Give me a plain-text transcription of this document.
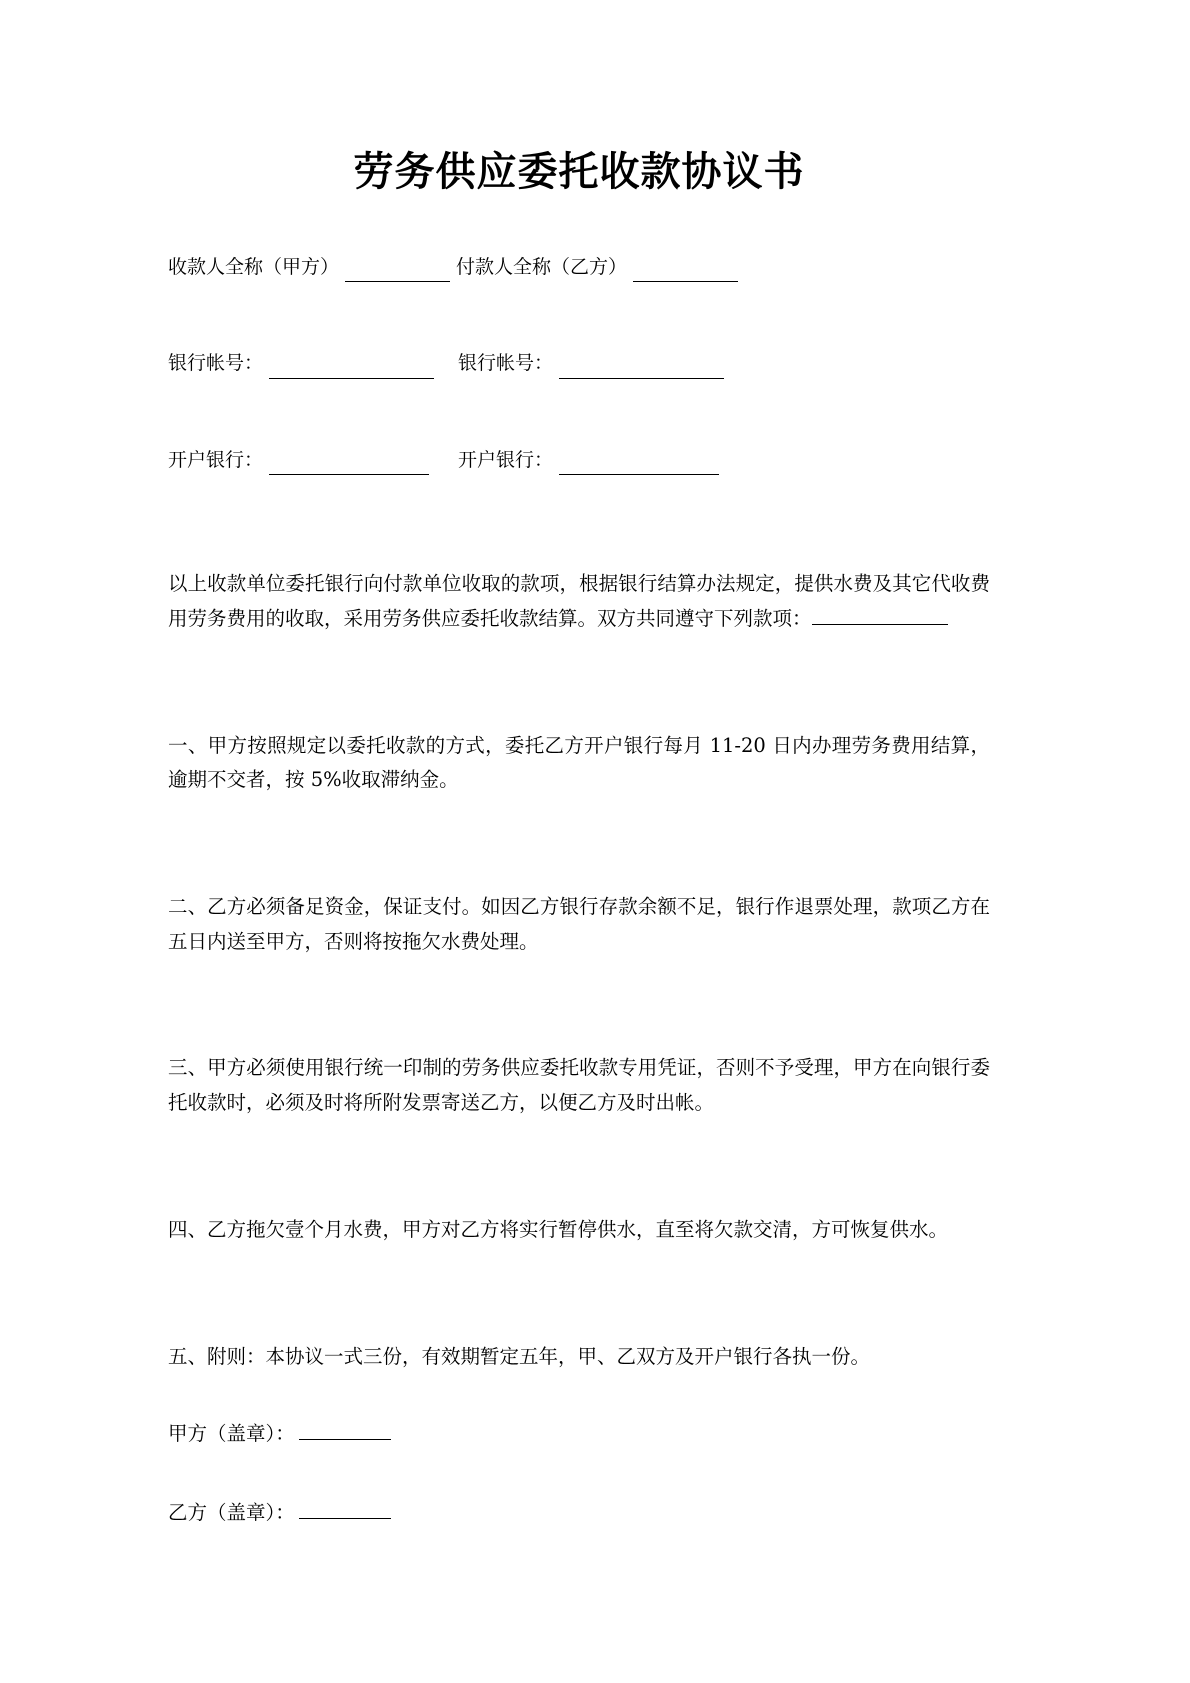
劳务供应委托收款协议书
收款人全称（甲方）	付款人全称（乙方）
银行帐号：	银行帐号：
开户银行：	开户银行：

以上收款单位委托银行向付款单位收取的款项，根据银行结算办法规定，提供水费及其它代收费用劳务费用的收取，采用劳务供应委托收款结算。双方共同遵守下列款项：

一、甲方按照规定以委托收款的方式，委托乙方开户银行每月 11-20 日内办理劳务费用结算，逾期不交者，按 5%收取滞纳金。

二、乙方必须备足资金，保证支付。如因乙方银行存款余额不足，银行作退票处理，款项乙方在五日内送至甲方，否则将按拖欠水费处理。

三、甲方必须使用银行统一印制的劳务供应委托收款专用凭证，否则不予受理，甲方在向银行委托收款时，必须及时将所附发票寄送乙方，以便乙方及时出帐。

四、乙方拖欠壹个月水费，甲方对乙方将实行暂停供水，直至将欠款交清，方可恢复供水。

五、附则：本协议一式三份，有效期暂定五年，甲、乙双方及开户银行各执一份。

甲方（盖章）：
乙方（盖章）：
